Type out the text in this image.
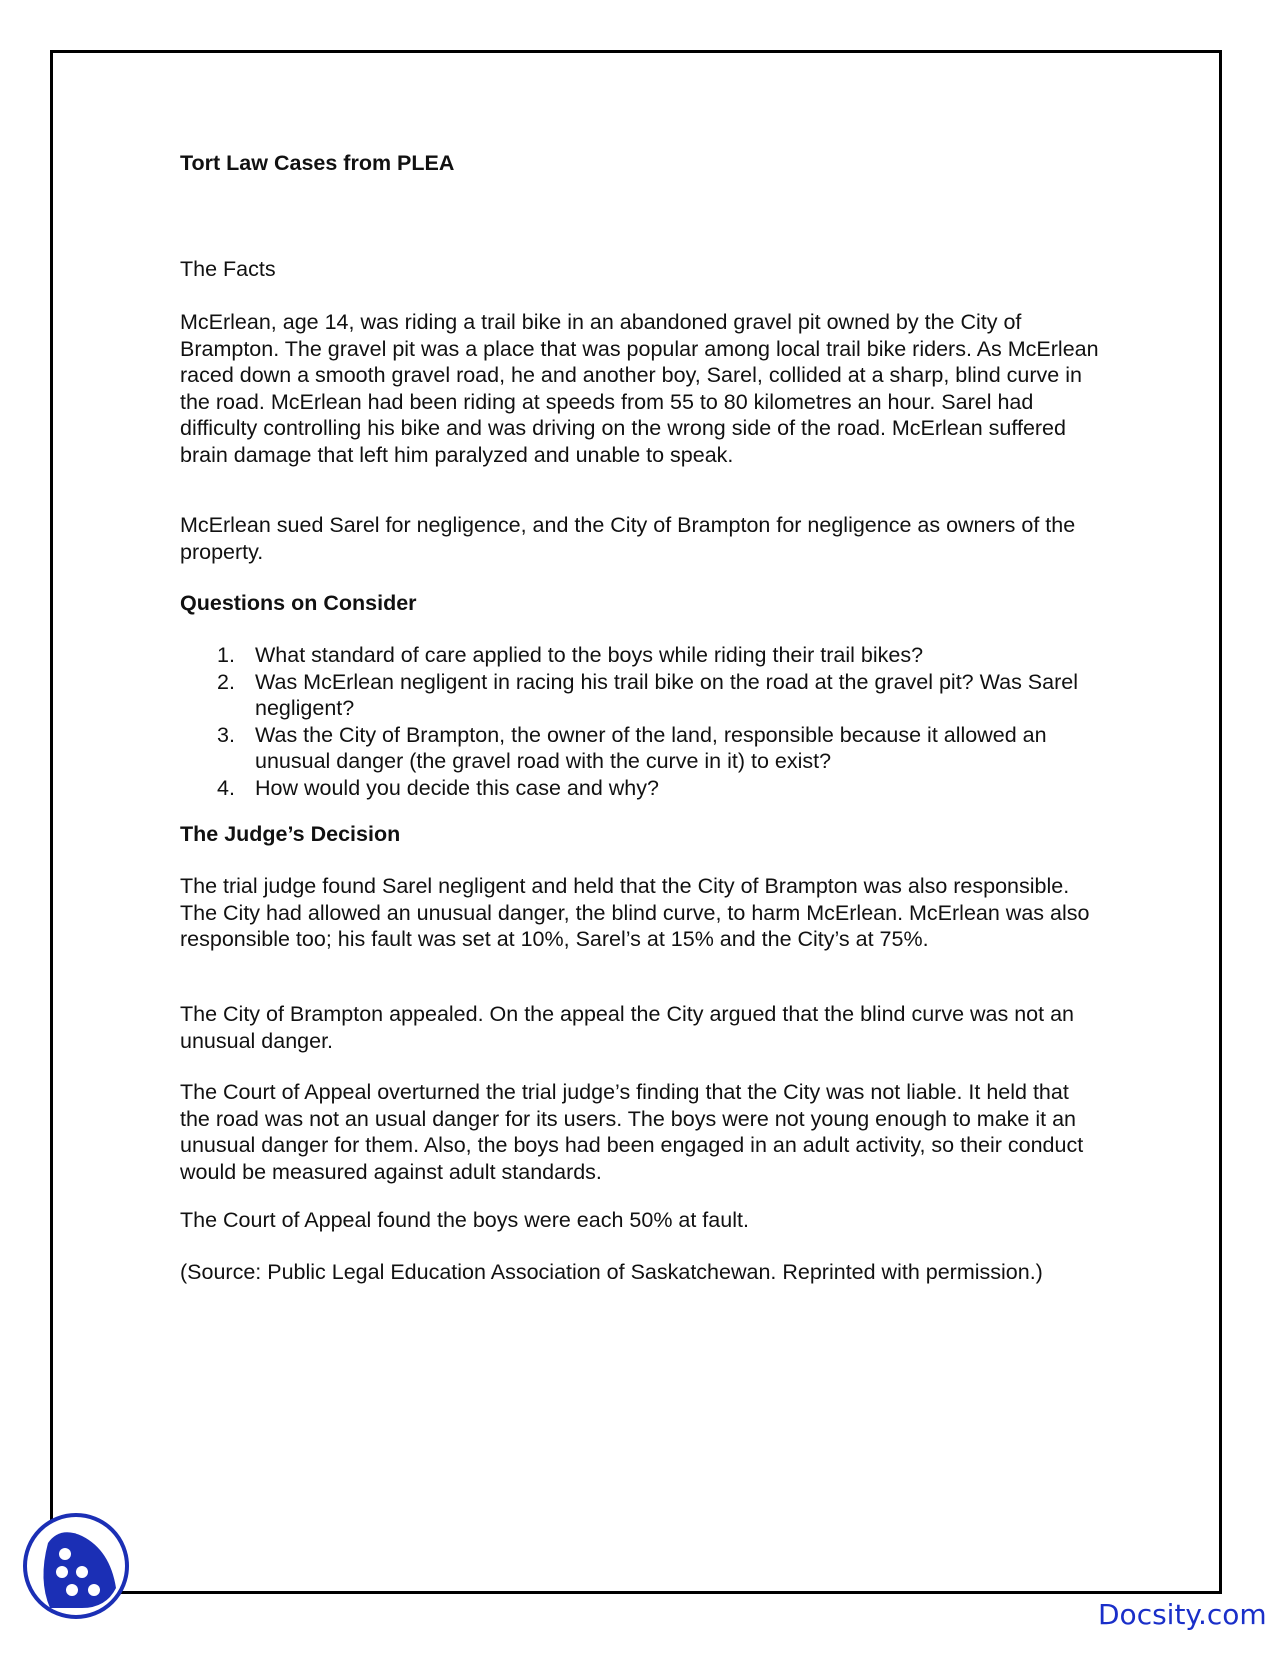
Tort Law Cases from PLEA

The Facts

McErlean, age 14, was riding a trail bike in an abandoned gravel pit owned by the City of Brampton. The gravel pit was a place that was popular among local trail bike riders. As McErlean raced down a smooth gravel road, he and another boy, Sarel, collided at a sharp, blind curve in the road. McErlean had been riding at speeds from 55 to 80 kilometres an hour. Sarel had difficulty controlling his bike and was driving on the wrong side of the road. McErlean suffered brain damage that left him paralyzed and unable to speak.

McErlean sued Sarel for negligence, and the City of Brampton for negligence as owners of the property.

Questions on Consider

1. What standard of care applied to the boys while riding their trail bikes?
2. Was McErlean negligent in racing his trail bike on the road at the gravel pit? Was Sarel negligent?
3. Was the City of Brampton, the owner of the land, responsible because it allowed an unusual danger (the gravel road with the curve in it) to exist?
4. How would you decide this case and why?

The Judge’s Decision

The trial judge found Sarel negligent and held that the City of Brampton was also responsible. The City had allowed an unusual danger, the blind curve, to harm McErlean. McErlean was also responsible too; his fault was set at 10%, Sarel’s at 15% and the City’s at 75%.

The City of Brampton appealed. On the appeal the City argued that the blind curve was not an unusual danger.

The Court of Appeal overturned the trial judge’s finding that the City was not liable. It held that the road was not an usual danger for its users. The boys were not young enough to make it an unusual danger for them. Also, the boys had been engaged in an adult activity, so their conduct would be measured against adult standards.

The Court of Appeal found the boys were each 50% at fault.

(Source: Public Legal Education Association of Saskatchewan. Reprinted with permission.)

Docsity.com
